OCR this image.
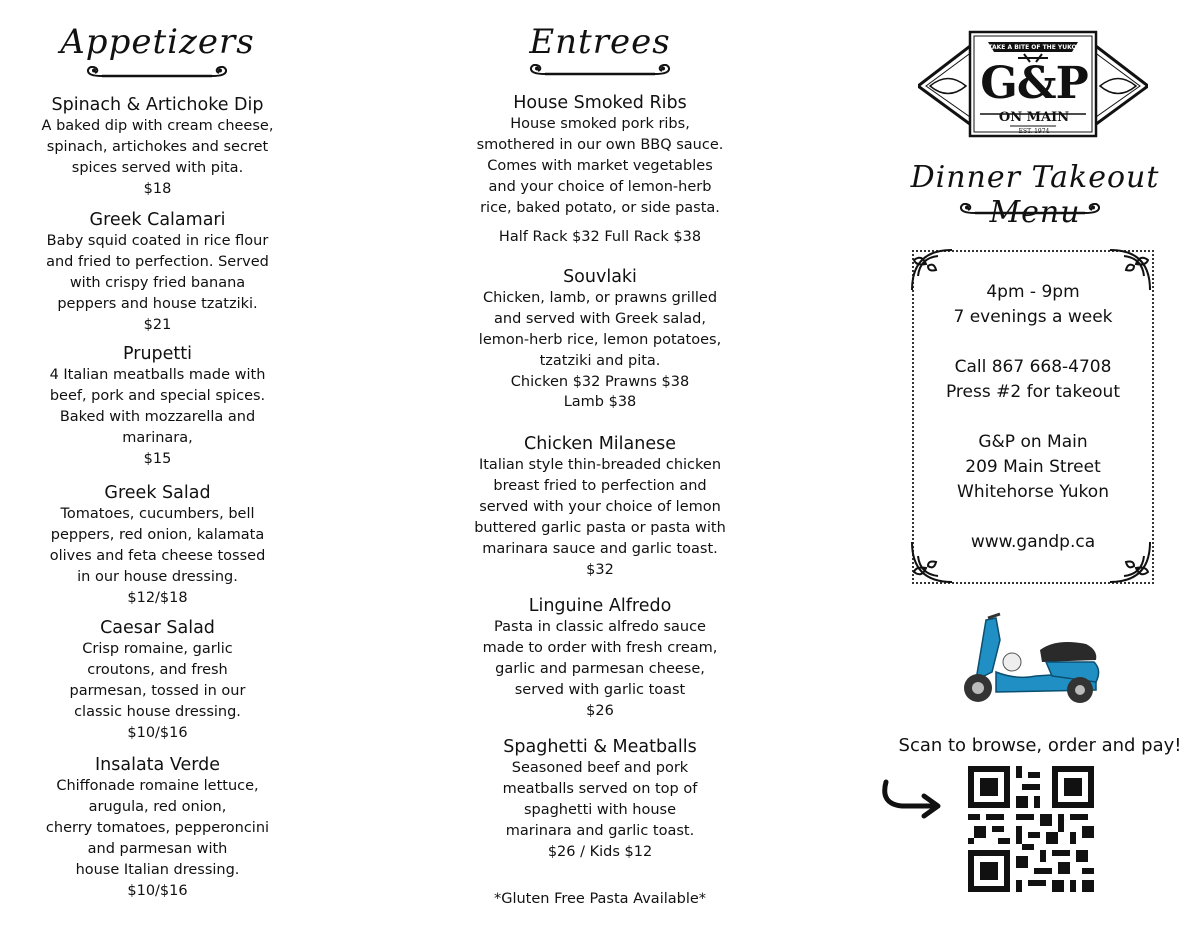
Appetizers

Spinach & Artichoke Dip

A baked dip with cream cheese,

spinach, artichokes and secret

spices served with pita.

$18

Greek Calamari

Baby squid coated in rice flour

and fried to perfection. Served

with crispy fried banana

peppers and house tzatziki.

$21

Prupetti

4 Italian meatballs made with

beef, pork and special spices.

Baked with mozzarella and

marinara,

$15

Greek Salad

Tomatoes, cucumbers, bell

peppers, red onion, kalamata

olives and feta cheese tossed

in our house dressing.

$12/$18

Caesar Salad

Crisp romaine, garlic

croutons, and fresh

parmesan, tossed in our

classic house dressing.

$10/$16

Insalata Verde

Chiffonade romaine lettuce,

arugula, red onion,

cherry tomatoes, pepperoncini

and parmesan with

house Italian dressing.

$10/$16

Entrees

House Smoked Ribs

House smoked pork ribs,

smothered in our own BBQ sauce.

Comes with market vegetables

and your choice of lemon-herb

rice, baked potato, or side pasta.

Half Rack $32 Full Rack $38

Souvlaki

Chicken, lamb, or prawns grilled

and served with Greek salad,

lemon-herb rice, lemon potatoes,

tzatziki and pita.

Chicken $32 Prawns $38

Lamb $38

Chicken Milanese

Italian style thin-breaded chicken

breast fried to perfection and

served with your choice of lemon

buttered garlic pasta or pasta with

marinara sauce and garlic toast.

$32

Linguine Alfredo

Pasta in classic alfredo sauce

made to order with fresh cream,

garlic and parmesan cheese,

served with garlic toast

$26

Spaghetti & Meatballs

Seasoned beef and pork

meatballs served on top of

spaghetti with house

marinara and garlic toast.

$26 / Kids $12

*Gluten Free Pasta Available*
TAKE A BITE OF THE YUKON
G&P
ON MAIN
EST. 1974
Dinner Takeout Menu
4pm - 9pm
7 evenings a week
Call 867 668-4708
Press #2 for takeout
G&P on Main
209 Main Street
Whitehorse Yukon
www.gandp.ca
Scan to browse, order and pay!
